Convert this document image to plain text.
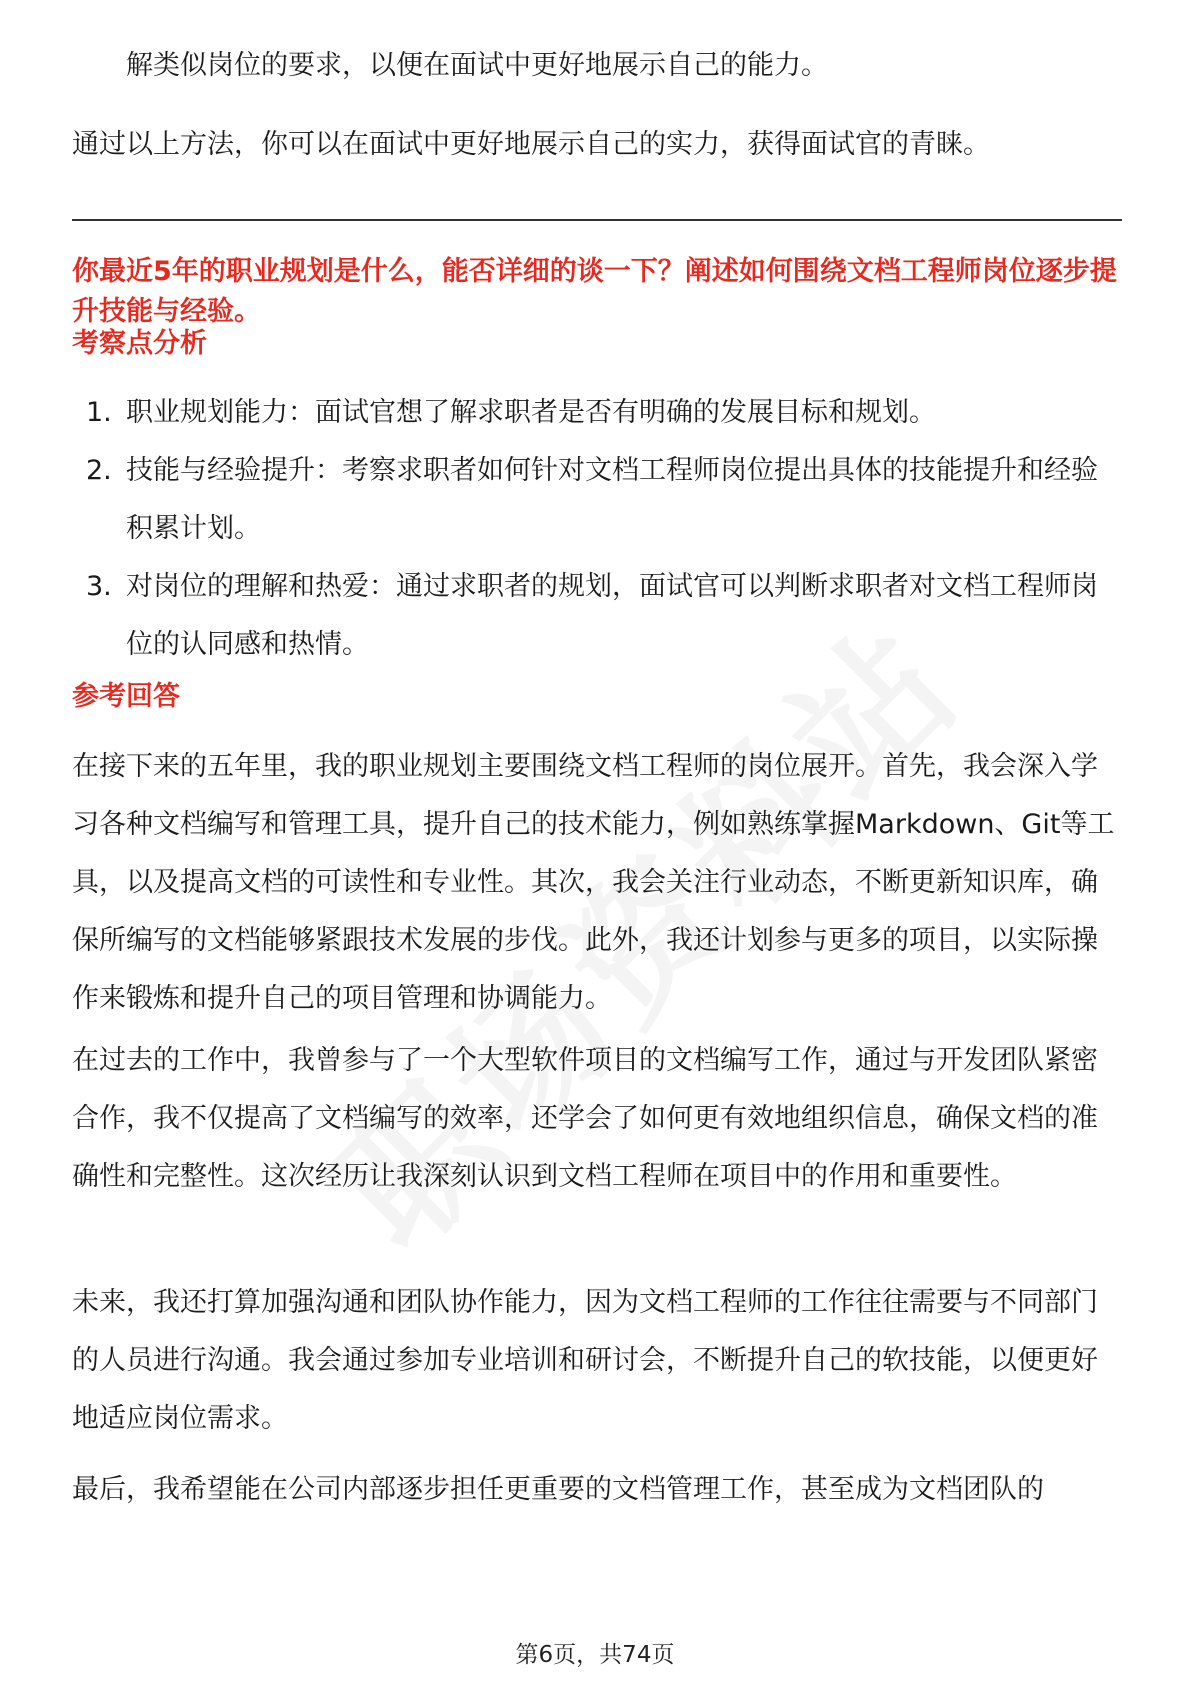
解类似岗位的要求，以便在面试中更好地展示自己的能力。

通过以上方法，你可以在面试中更好地展示自己的实力，获得面试官的青睐。

你最近5年的职业规划是什么，能否详细的谈一下？阐述如何围绕文档工程师岗位逐步提升技能与经验。
考察点分析
1. 职业规划能力：面试官想了解求职者是否有明确的发展目标和规划。
2. 技能与经验提升：考察求职者如何针对文档工程师岗位提出具体的技能提升和经验积累计划。
3. 对岗位的理解和热爱：通过求职者的规划，面试官可以判断求职者对文档工程师岗位的认同感和热情。
参考回答

在接下来的五年里，我的职业规划主要围绕文档工程师的岗位展开。首先，我会深入学习各种文档编写和管理工具，提升自己的技术能力，例如熟练掌握Markdown、Git等工具，以及提高文档的可读性和专业性。其次，我会关注行业动态，不断更新知识库，确保所编写的文档能够紧跟技术发展的步伐。此外，我还计划参与更多的项目，以实际操作来锻炼和提升自己的项目管理和协调能力。

在过去的工作中，我曾参与了一个大型软件项目的文档编写工作，通过与开发团队紧密合作，我不仅提高了文档编写的效率，还学会了如何更有效地组织信息，确保文档的准确性和完整性。这次经历让我深刻认识到文档工程师在项目中的作用和重要性。

未来，我还打算加强沟通和团队协作能力，因为文档工程师的工作往往需要与不同部门的人员进行沟通。我会通过参加专业培训和研讨会，不断提升自己的软技能，以便更好地适应岗位需求。

最后，我希望能在公司内部逐步担任更重要的文档管理工作，甚至成为文档团队的

第6页，共74页
